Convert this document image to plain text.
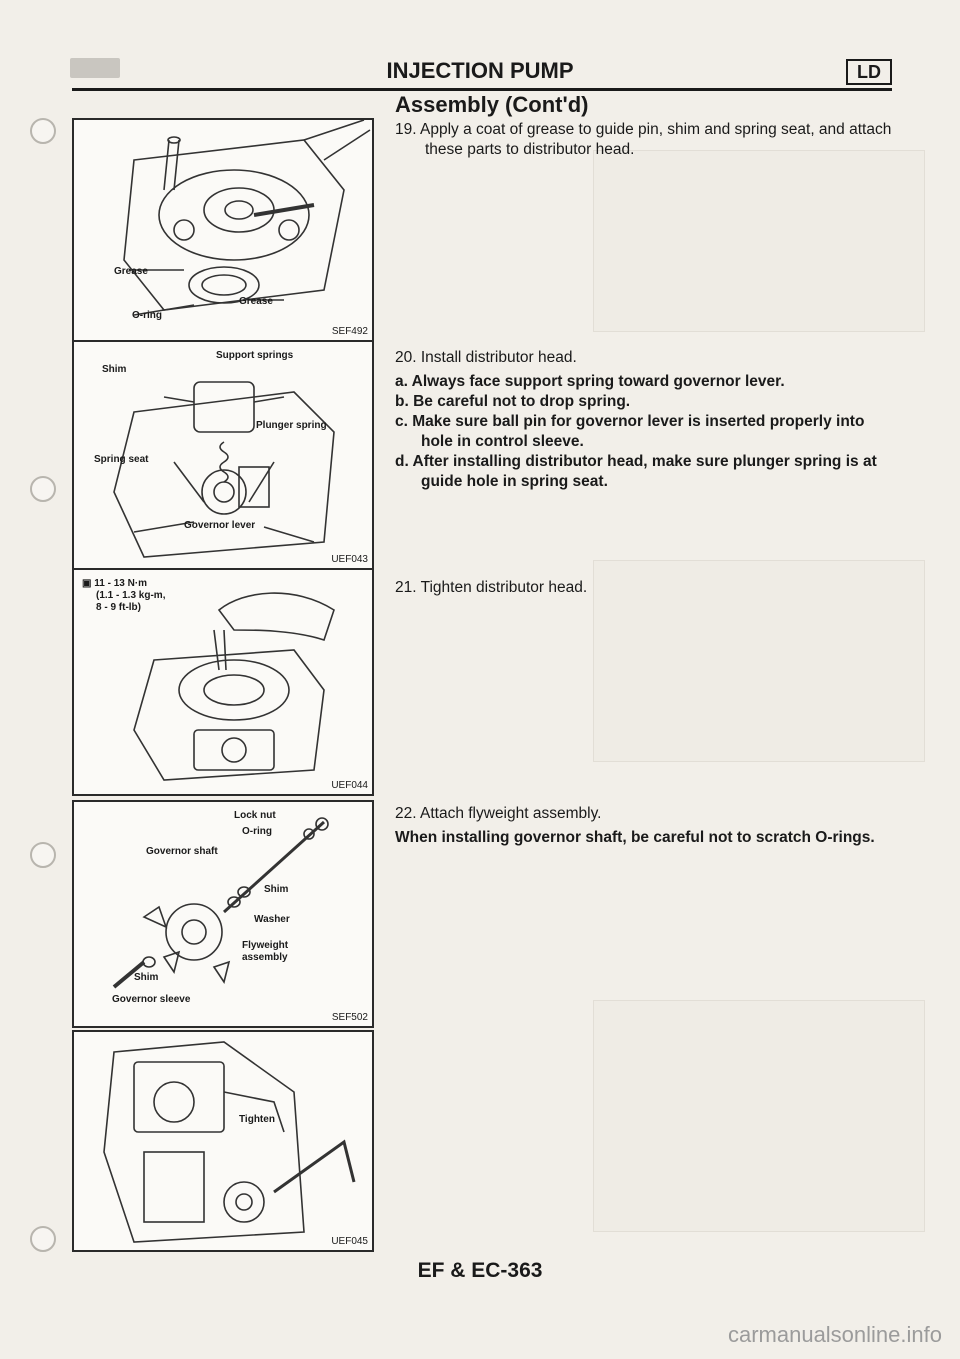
INJECTION PUMP	LD
Assembly (Cont'd)
Grease
Grease
O-ring
SEF492
Shim
Support springs
Plunger spring
Spring seat
Governor lever
UEF043
▣ 11 - 13 N·m
(1.1 - 1.3 kg-m,
8 - 9 ft-lb)
UEF044
Lock nut
O-ring
Governor shaft
Shim
Washer
Flyweight
assembly
Shim
Governor sleeve
SEF502
Tighten
UEF045
19. Apply a coat of grease to guide pin, shim and spring seat, and attach these parts to distributor head.
20. Install distributor head.
a. Always face support spring toward governor lever.
b. Be careful not to drop spring.
c. Make sure ball pin for governor lever is inserted properly into hole in control sleeve.
d. After installing distributor head, make sure plunger spring is at guide hole in spring seat.
21. Tighten distributor head.
22. Attach flyweight assembly.
When installing governor shaft, be careful not to scratch O-rings.
EF & EC-363
carmanualsonline.info
